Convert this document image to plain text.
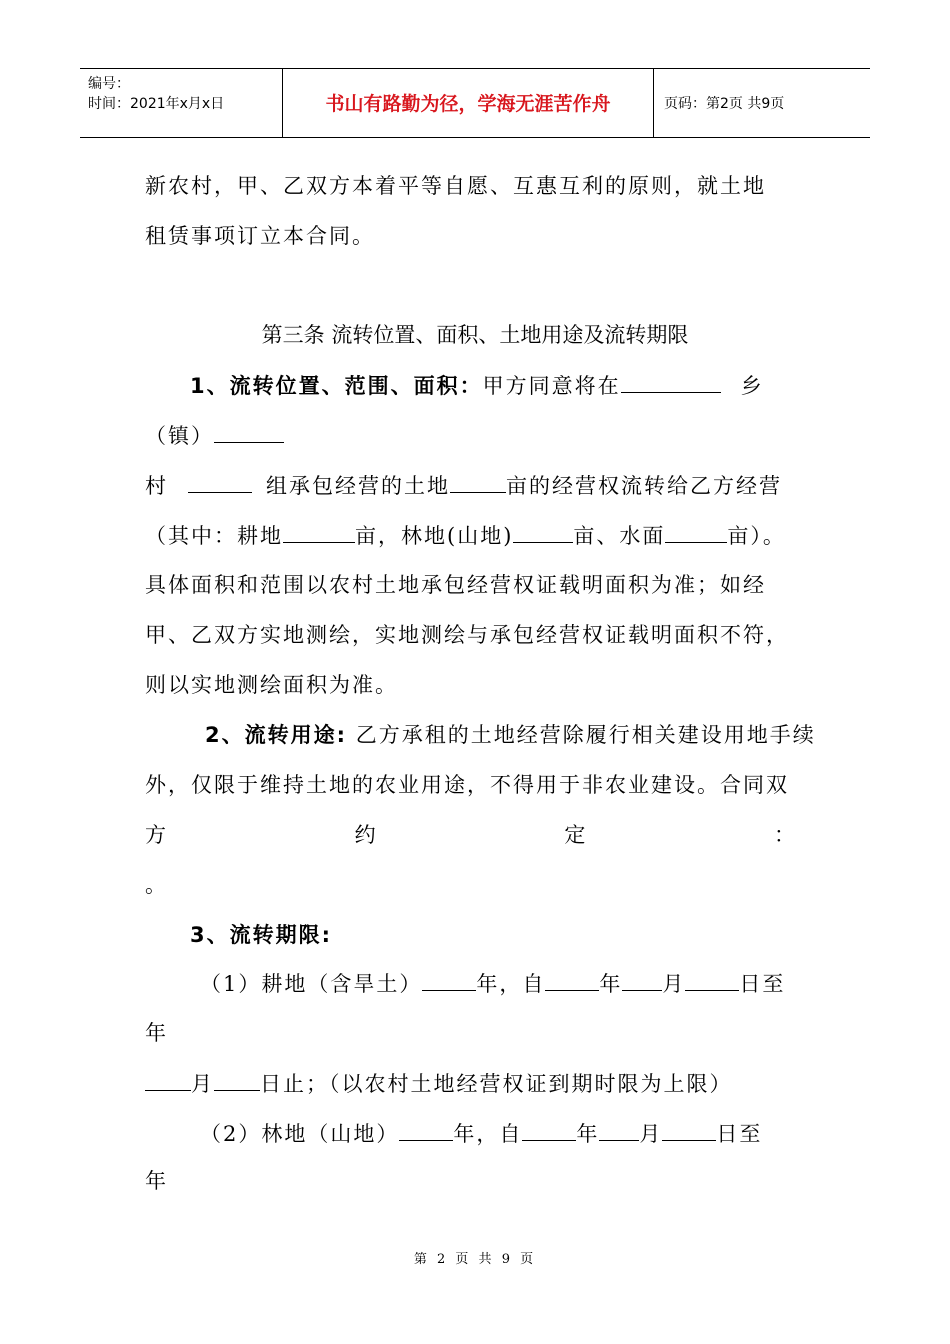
编号：
时间：2021年x月x日	书山有路勤为径，学海无涯苦作舟	页码：第2页 共9页
新农村，甲、乙双方本着平等自愿、互惠互利的原则，就土地
租赁事项订立本合同。
第三条 流转位置、面积、土地用途及流转期限
1、流转位置、范围、面积：甲方同意将在	乡
（镇）
村	组承包经营的土地	亩的经营权流转给乙方经营
（其中：耕地	亩，林地(山地)	亩、水面	亩）。
具体面积和范围以农村土地承包经营权证载明面积为准；如经
甲、乙双方实地测绘，实地测绘与承包经营权证载明面积不符，
则以实地测绘面积为准。
2、流转用途: 乙方承租的土地经营除履行相关建设用地手续
外，仅限于维持土地的农业用途，不得用于非农业建设。合同双
方	约	定	：
。
3、流转期限:
（1）耕地（含旱土）	年，自	年 月	日至
年
月 日止；（以农村土地经营权证到期时限为上限）
（2）林地（山地）	年，自	年 月	日至
年
第 2 页 共 9 页
